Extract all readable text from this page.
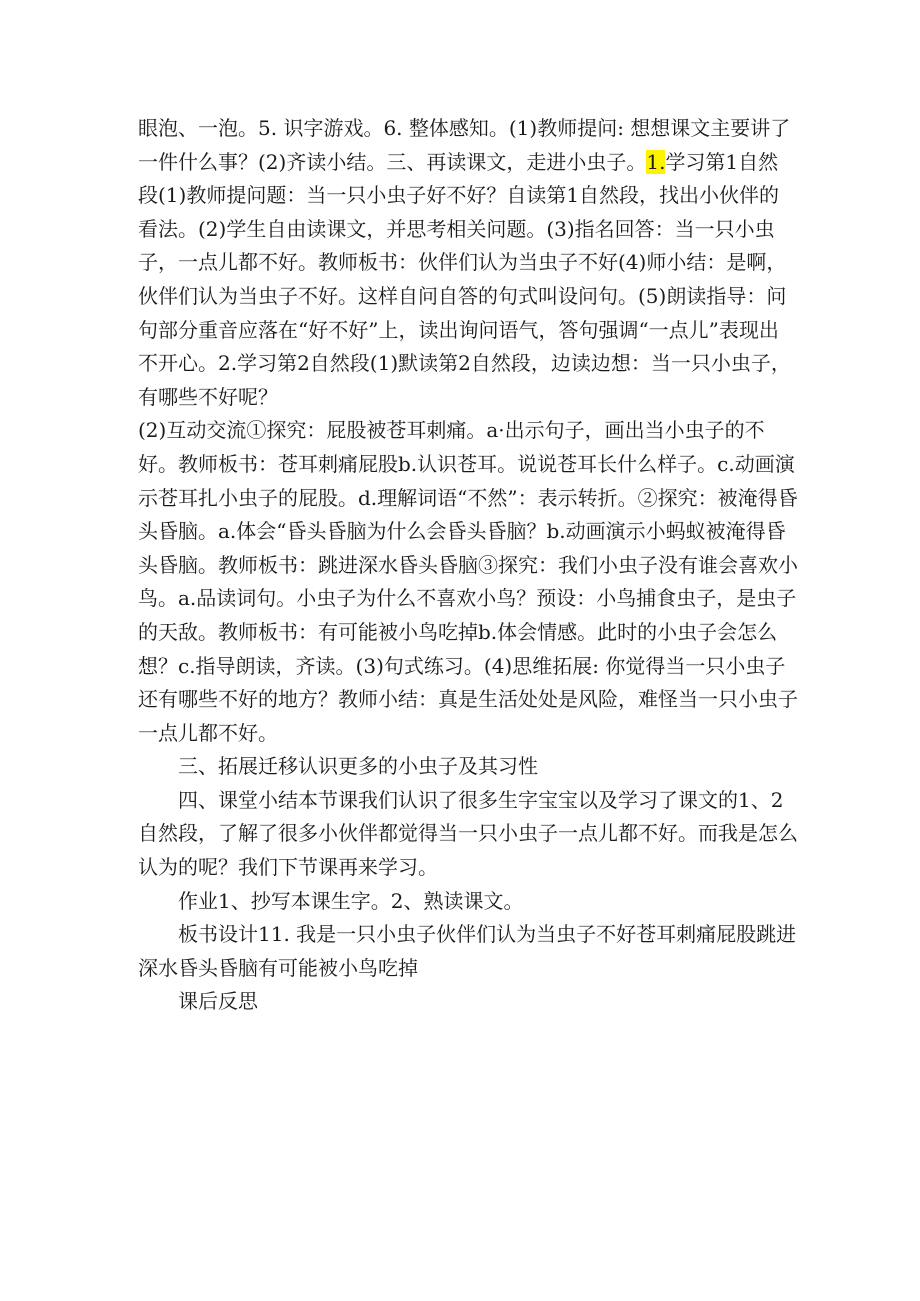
眼泡、一泡。5. 识字游戏。6. 整体感知。(1)教师提问: 想想课文主要讲了一件什么事？(2)齐读小结。三、再读课文，走进小虫子。1.学习第1自然段(1)教师提问题：当一只小虫子好不好？自读第1自然段，找出小伙伴的看法。(2)学生自由读课文，并思考相关问题。(3)指名回答：当一只小虫子，一点儿都不好。教师板书：伙伴们认为当虫子不好(4)师小结：是啊，伙伴们认为当虫子不好。这样自问自答的句式叫设问句。(5)朗读指导：问句部分重音应落在“好不好”上，读出询问语气，答句强调“一点儿”表现出不开心。2.学习第2自然段(1)默读第2自然段，边读边想：当一只小虫子，有哪些不好呢？

(2)互动交流①探究：屁股被苍耳刺痛。a·出示句子，画出当小虫子的不好。教师板书：苍耳刺痛屁股b.认识苍耳。说说苍耳长什么样子。c.动画演示苍耳扎小虫子的屁股。d.理解词语“不然”：表示转折。②探究：被淹得昏头昏脑。a.体会“昏头昏脑为什么会昏头昏脑？b.动画演示小蚂蚁被淹得昏头昏脑。教师板书：跳进深水昏头昏脑③探究：我们小虫子没有谁会喜欢小鸟。a.品读词句。小虫子为什么不喜欢小鸟？预设：小鸟捕食虫子，是虫子的天敌。教师板书：有可能被小鸟吃掉b.体会情感。此时的小虫子会怎么想？c.指导朗读，齐读。(3)句式练习。(4)思维拓展: 你觉得当一只小虫子还有哪些不好的地方？教师小结：真是生活处处是风险，难怪当一只小虫子一点儿都不好。

三、拓展迁移认识更多的小虫子及其习性

四、课堂小结本节课我们认识了很多生字宝宝以及学习了课文的1、2自然段，了解了很多小伙伴都觉得当一只小虫子一点儿都不好。而我是怎么认为的呢？我们下节课再来学习。

作业1、抄写本课生字。2、熟读课文。

板书设计11. 我是一只小虫子伙伴们认为当虫子不好苍耳刺痛屁股跳进深水昏头昏脑有可能被小鸟吃掉

课后反思
